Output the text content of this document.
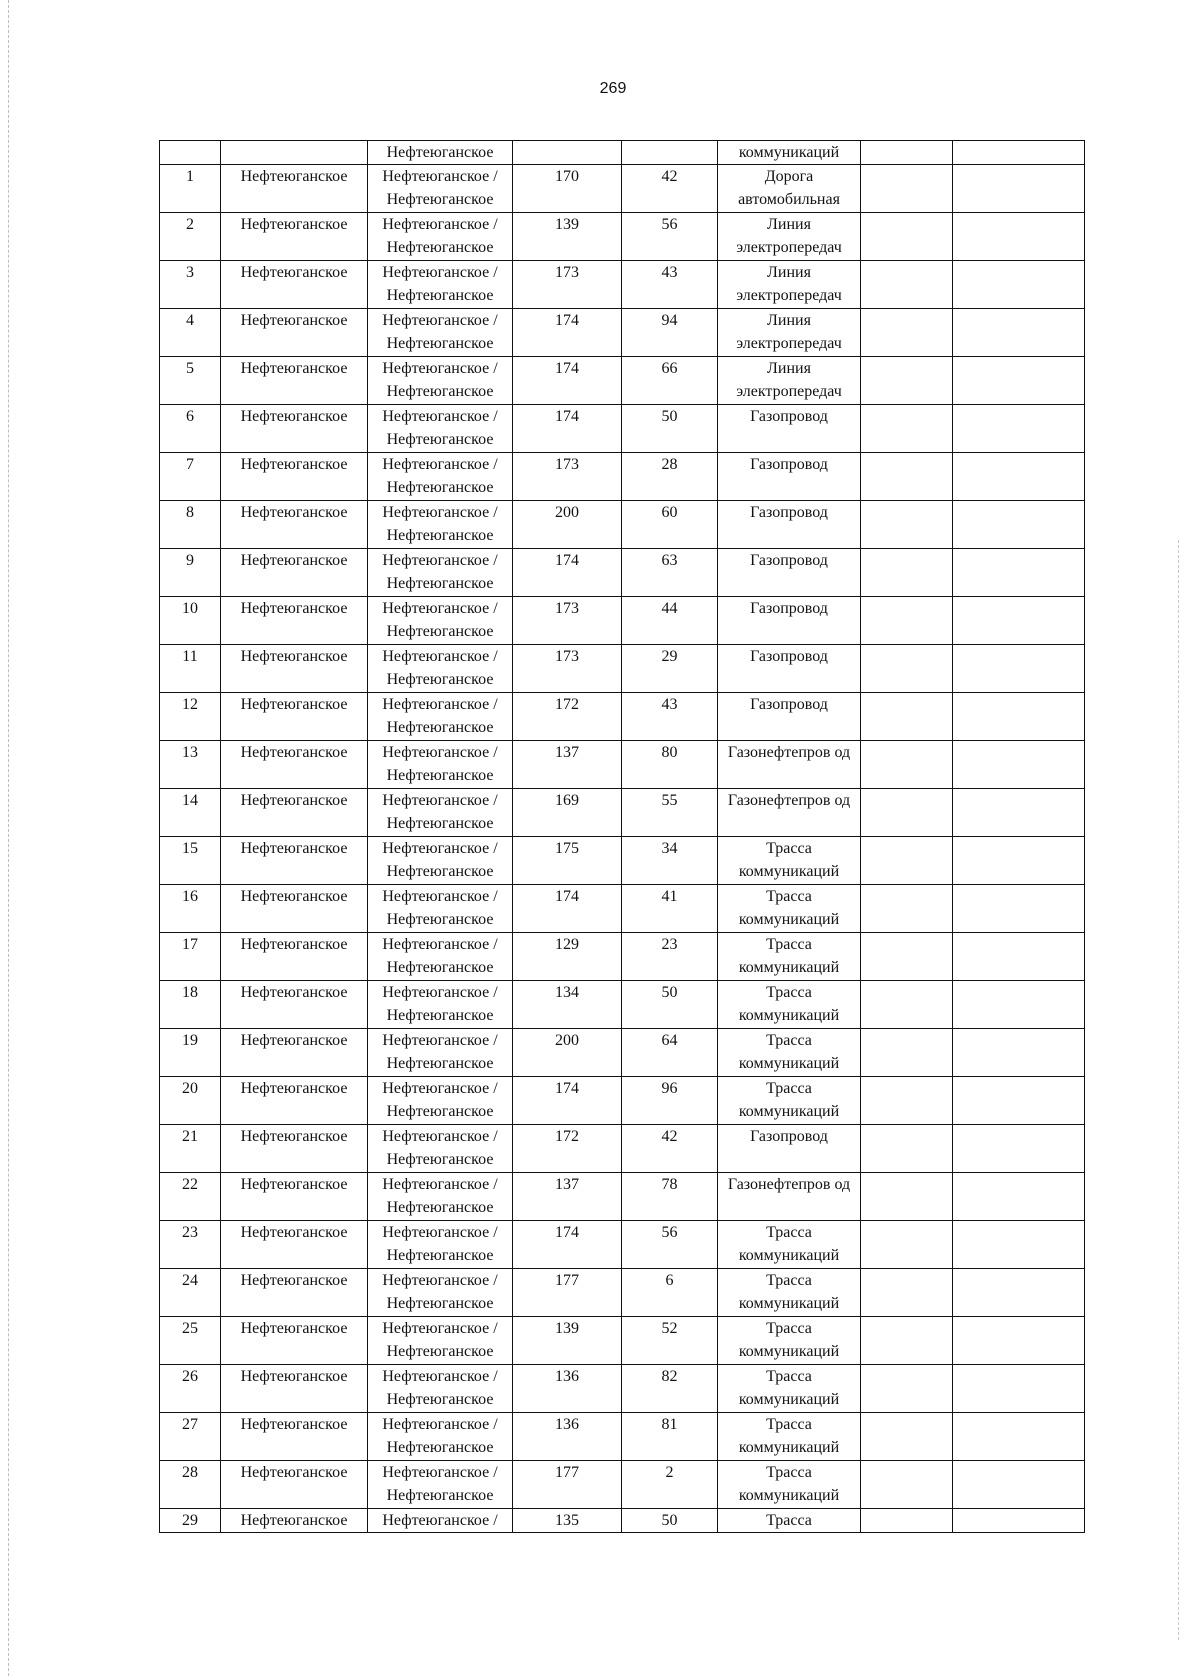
269
		Нефтеюганское			коммуникаций		
1	Нефтеюганское	Нефтеюганское / Нефтеюганское	170	42	Дорога автомобильная		
2	Нефтеюганское	Нефтеюганское / Нефтеюганское	139	56	Линия электропередач		
3	Нефтеюганское	Нефтеюганское / Нефтеюганское	173	43	Линия электропередач		
4	Нефтеюганское	Нефтеюганское / Нефтеюганское	174	94	Линия электропередач		
5	Нефтеюганское	Нефтеюганское / Нефтеюганское	174	66	Линия электропередач		
6	Нефтеюганское	Нефтеюганское / Нефтеюганское	174	50	Газопровод		
7	Нефтеюганское	Нефтеюганское / Нефтеюганское	173	28	Газопровод		
8	Нефтеюганское	Нефтеюганское / Нефтеюганское	200	60	Газопровод		
9	Нефтеюганское	Нефтеюганское / Нефтеюганское	174	63	Газопровод		
10	Нефтеюганское	Нефтеюганское / Нефтеюганское	173	44	Газопровод		
11	Нефтеюганское	Нефтеюганское / Нефтеюганское	173	29	Газопровод		
12	Нефтеюганское	Нефтеюганское / Нефтеюганское	172	43	Газопровод		
13	Нефтеюганское	Нефтеюганское / Нефтеюганское	137	80	Газонефтепров од		
14	Нефтеюганское	Нефтеюганское / Нефтеюганское	169	55	Газонефтепров од		
15	Нефтеюганское	Нефтеюганское / Нефтеюганское	175	34	Трасса коммуникаций		
16	Нефтеюганское	Нефтеюганское / Нефтеюганское	174	41	Трасса коммуникаций		
17	Нефтеюганское	Нефтеюганское / Нефтеюганское	129	23	Трасса коммуникаций		
18	Нефтеюганское	Нефтеюганское / Нефтеюганское	134	50	Трасса коммуникаций		
19	Нефтеюганское	Нефтеюганское / Нефтеюганское	200	64	Трасса коммуникаций		
20	Нефтеюганское	Нефтеюганское / Нефтеюганское	174	96	Трасса коммуникаций		
21	Нефтеюганское	Нефтеюганское / Нефтеюганское	172	42	Газопровод		
22	Нефтеюганское	Нефтеюганское / Нефтеюганское	137	78	Газонефтепров од		
23	Нефтеюганское	Нефтеюганское / Нефтеюганское	174	56	Трасса коммуникаций		
24	Нефтеюганское	Нефтеюганское / Нефтеюганское	177	6	Трасса коммуникаций		
25	Нефтеюганское	Нефтеюганское / Нефтеюганское	139	52	Трасса коммуникаций		
26	Нефтеюганское	Нефтеюганское / Нефтеюганское	136	82	Трасса коммуникаций		
27	Нефтеюганское	Нефтеюганское / Нефтеюганское	136	81	Трасса коммуникаций		
28	Нефтеюганское	Нефтеюганское / Нефтеюганское	177	2	Трасса коммуникаций		
29	Нефтеюганское	Нефтеюганское /	135	50	Трасса		
